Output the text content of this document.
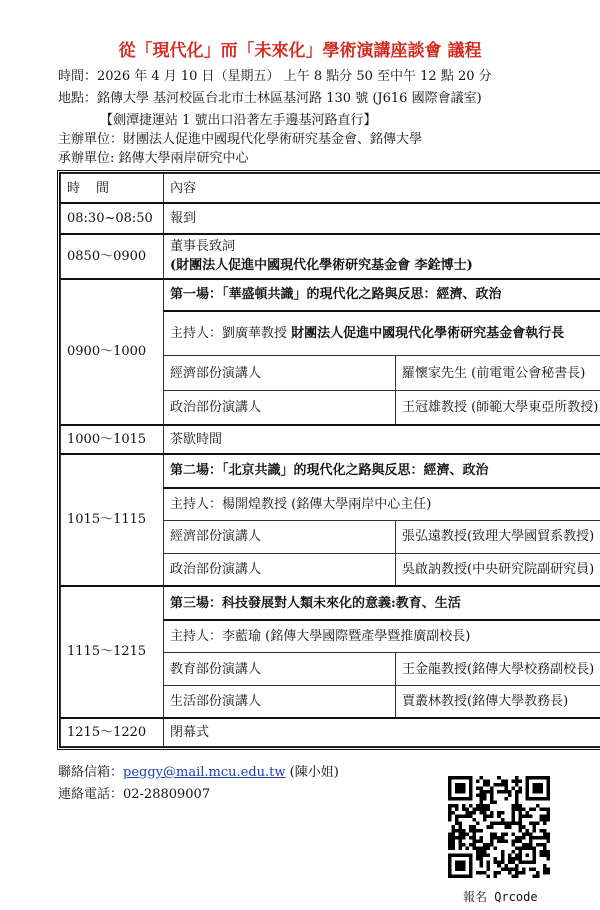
從「現代化」而「未來化」學術演講座談會 議程
時間：2026 年 4 月 10 日（星期五） 上午 8 點分 50 至中午 12 點 20 分
地點：銘傳大學 基河校區台北市士林區基河路 130 號 (J616 國際會議室)
【劍潭捷運站 1 號出口沿著左手邊基河路直行】
主辦單位：財團法人促進中國現代化學術研究基金會、銘傳大學
承辦單位: 銘傳大學兩岸研究中心
時間	內容	
08:30~08:50	報到	
0850～0900	董事長致詞
(財團法人促進中國現代化學術研究基金會 李銓博士)	

0900～1000	第一場：「華盛頓共識」的現代化之路與反思：經濟、政治	
	主持人：劉廣華教授 財團法人促進中國現代化學術研究基金會執行長	
	經濟部份演講人	羅懷家先生 (前電電公會秘書長)
	政治部份演講人	王冠雄教授 (師範大學東亞所教授)
1000～1015	茶歇時間	
1015～1115	第二場：「北京共識」的現代化之路與反思：經濟、政治	
	主持人：楊開煌教授 (銘傳大學兩岸中心主任)	
	經濟部份演講人	張弘遠教授(致理大學國貿系教授)
	政治部份演講人	吳啟訥教授(中央研究院副研究員)
1115～1215	第三場：科技發展對人類未來化的意義:教育、生活	
	主持人：李藍瑜 (銘傳大學國際暨產學暨推廣副校長)	
	教育部份演講人	王金龍教授(銘傳大學校務副校長)
	生活部份演講人	賈叢林教授(銘傳大學教務長)
1215～1220	閉幕式	
聯絡信箱：peggy@mail.mcu.edu.tw (陳小姐)
連絡電話：02-28809007
報名 Qrcode
